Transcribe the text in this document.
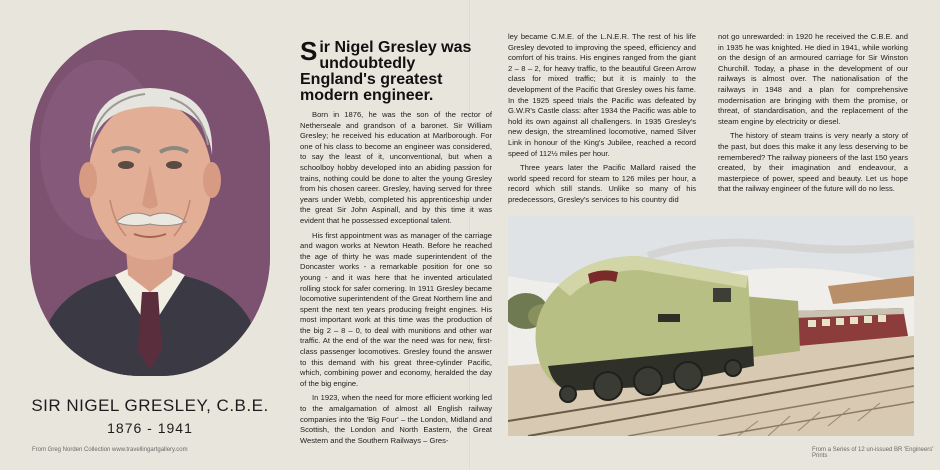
SIR NIGEL GRESLEY, C.B.E.
1876 - 1941
From Greg Norden Collection www.travellingartgallery.com	From a Series of 12 un-issued BR 'Engineers' Prints
Sir Nigel Gresley was undoubtedly England's greatest modern engineer.

Born in 1876, he was the son of the rector of Netherseale and grandson of a baronet. Sir William Gresley; he received his education at Marlborough. For one of his class to become an engineer was considered, to say the least of it, unconventional, but when a schoolboy hobby developed into an abiding passion for trains, nothing could be done to alter the young Gresley from his chosen career. Gresley, having served for three years under Webb, completed his apprenticeship under the great Sir John Aspinall, and by this time it was evident that he possessed exceptional talent.

His first appointment was as manager of the carriage and wagon works at Newton Heath. Before he reached the age of thirty he was made superintendent of the Doncaster works - a remarkable position for one so young - and it was here that he invented articulated rolling stock for safer cornering. In 1911 Gresley became locomotive superintendent of the Great Northern line and spent the next ten years producing freight engines. His most important work at this time was the production of the big 2 – 8 – 0, to deal with munitions and other war traffic. At the end of the war the need was for new, first-class passenger locomotives. Gresley found the answer to this demand with his great three-cylinder Pacific, which, combining power and economy, heralded the day of the big engine.

In 1923, when the need for more efficient working led to the amalgamation of almost all English railway companies into the 'Big Four' – the London, Midland and Scottish, the London and North Eastern, the Great Western and the Southern Railways – Gres-

ley became C.M.E. of the L.N.E.R. The rest of his life Gresley devoted to improving the speed, efficiency and comfort of his trains. His engines ranged from the giant 2 – 8 – 2, for heavy traffic, to the beautiful Green Arrow class for mixed traffic; but it is mainly to the development of the Pacific that Gresley owes his fame. In the 1925 speed trials the Pacific was defeated by G.W.R's Castle class: after 1934 the Pacific was able to hold its own against all challengers. In 1935 Gresley's new design, the streamlined locomotive, named Silver Link in honour of the King's Jubilee, reached a record speed of 112½ miles per hour.

Three years later the Pacific Mallard raised the world speed record for steam to 126 miles per hour, a record which still stands. Unlike so many of his predecessors, Gresley's services to his country did

not go unrewarded: in 1920 he received the C.B.E. and in 1935 he was knighted. He died in 1941, while working on the design of an armoured carriage for Sir Winston Churchill. Today, a phase in the development of our railways is almost over. The nationalisation of the railways in 1948 and a plan for comprehensive modernisation are bringing with them the promise, or threat, of standardisation, and the replacement of the steam engine by electricity or diesel.

The history of steam trains is very nearly a story of the past, but does this make it any less deserving to be remembered? The railway pioneers of the last 150 years created, by their imagination and endeavour, a masterpiece of power, speed and beauty. Let us hope that the railway engineer of the future will do no less.
